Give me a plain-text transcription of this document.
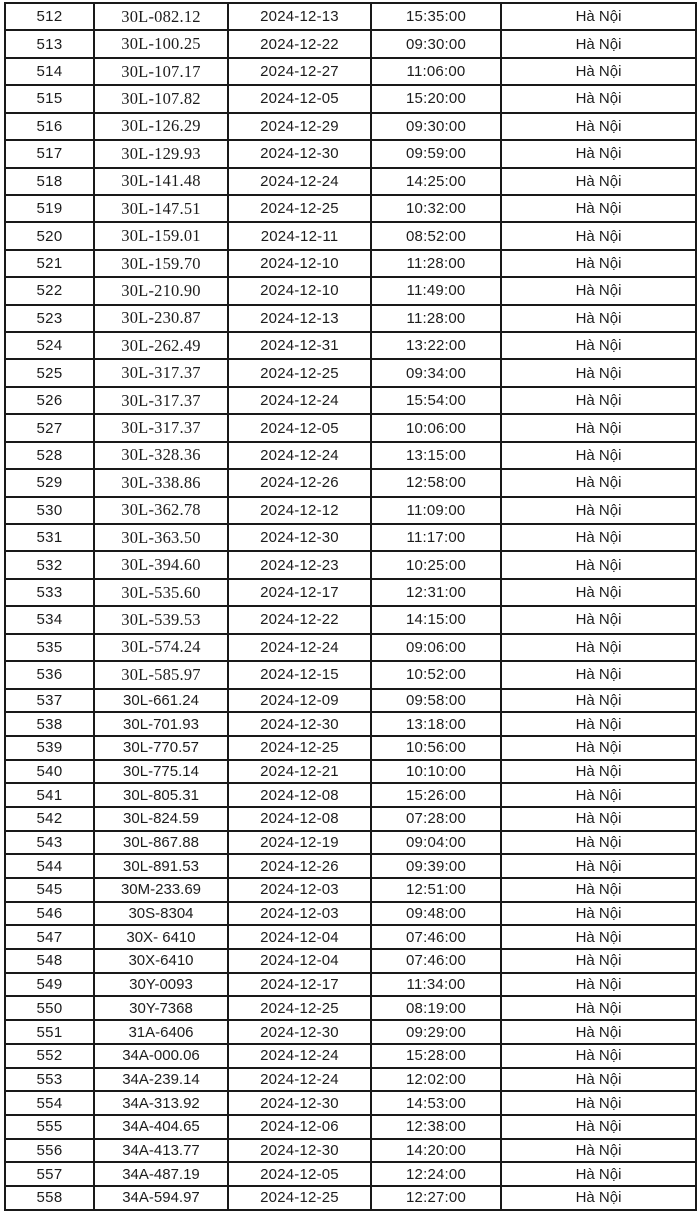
512	30L-082.12	2024-12-13	15:35:00	Hà Nội
513	30L-100.25	2024-12-22	09:30:00	Hà Nội
514	30L-107.17	2024-12-27	11:06:00	Hà Nội
515	30L-107.82	2024-12-05	15:20:00	Hà Nội
516	30L-126.29	2024-12-29	09:30:00	Hà Nội
517	30L-129.93	2024-12-30	09:59:00	Hà Nội
518	30L-141.48	2024-12-24	14:25:00	Hà Nội
519	30L-147.51	2024-12-25	10:32:00	Hà Nội
520	30L-159.01	2024-12-11	08:52:00	Hà Nội
521	30L-159.70	2024-12-10	11:28:00	Hà Nội
522	30L-210.90	2024-12-10	11:49:00	Hà Nội
523	30L-230.87	2024-12-13	11:28:00	Hà Nội
524	30L-262.49	2024-12-31	13:22:00	Hà Nội
525	30L-317.37	2024-12-25	09:34:00	Hà Nội
526	30L-317.37	2024-12-24	15:54:00	Hà Nội
527	30L-317.37	2024-12-05	10:06:00	Hà Nội
528	30L-328.36	2024-12-24	13:15:00	Hà Nội
529	30L-338.86	2024-12-26	12:58:00	Hà Nội
530	30L-362.78	2024-12-12	11:09:00	Hà Nội
531	30L-363.50	2024-12-30	11:17:00	Hà Nội
532	30L-394.60	2024-12-23	10:25:00	Hà Nội
533	30L-535.60	2024-12-17	12:31:00	Hà Nội
534	30L-539.53	2024-12-22	14:15:00	Hà Nội
535	30L-574.24	2024-12-24	09:06:00	Hà Nội
536	30L-585.97	2024-12-15	10:52:00	Hà Nội
537	30L-661.24	2024-12-09	09:58:00	Hà Nội
538	30L-701.93	2024-12-30	13:18:00	Hà Nội
539	30L-770.57	2024-12-25	10:56:00	Hà Nội
540	30L-775.14	2024-12-21	10:10:00	Hà Nội
541	30L-805.31	2024-12-08	15:26:00	Hà Nội
542	30L-824.59	2024-12-08	07:28:00	Hà Nội
543	30L-867.88	2024-12-19	09:04:00	Hà Nội
544	30L-891.53	2024-12-26	09:39:00	Hà Nội
545	30M-233.69	2024-12-03	12:51:00	Hà Nội
546	30S-8304	2024-12-03	09:48:00	Hà Nội
547	30X- 6410	2024-12-04	07:46:00	Hà Nội
548	30X-6410	2024-12-04	07:46:00	Hà Nội
549	30Y-0093	2024-12-17	11:34:00	Hà Nội
550	30Y-7368	2024-12-25	08:19:00	Hà Nội
551	31A-6406	2024-12-30	09:29:00	Hà Nội
552	34A-000.06	2024-12-24	15:28:00	Hà Nội
553	34A-239.14	2024-12-24	12:02:00	Hà Nội
554	34A-313.92	2024-12-30	14:53:00	Hà Nội
555	34A-404.65	2024-12-06	12:38:00	Hà Nội
556	34A-413.77	2024-12-30	14:20:00	Hà Nội
557	34A-487.19	2024-12-05	12:24:00	Hà Nội
558	34A-594.97	2024-12-25	12:27:00	Hà Nội
